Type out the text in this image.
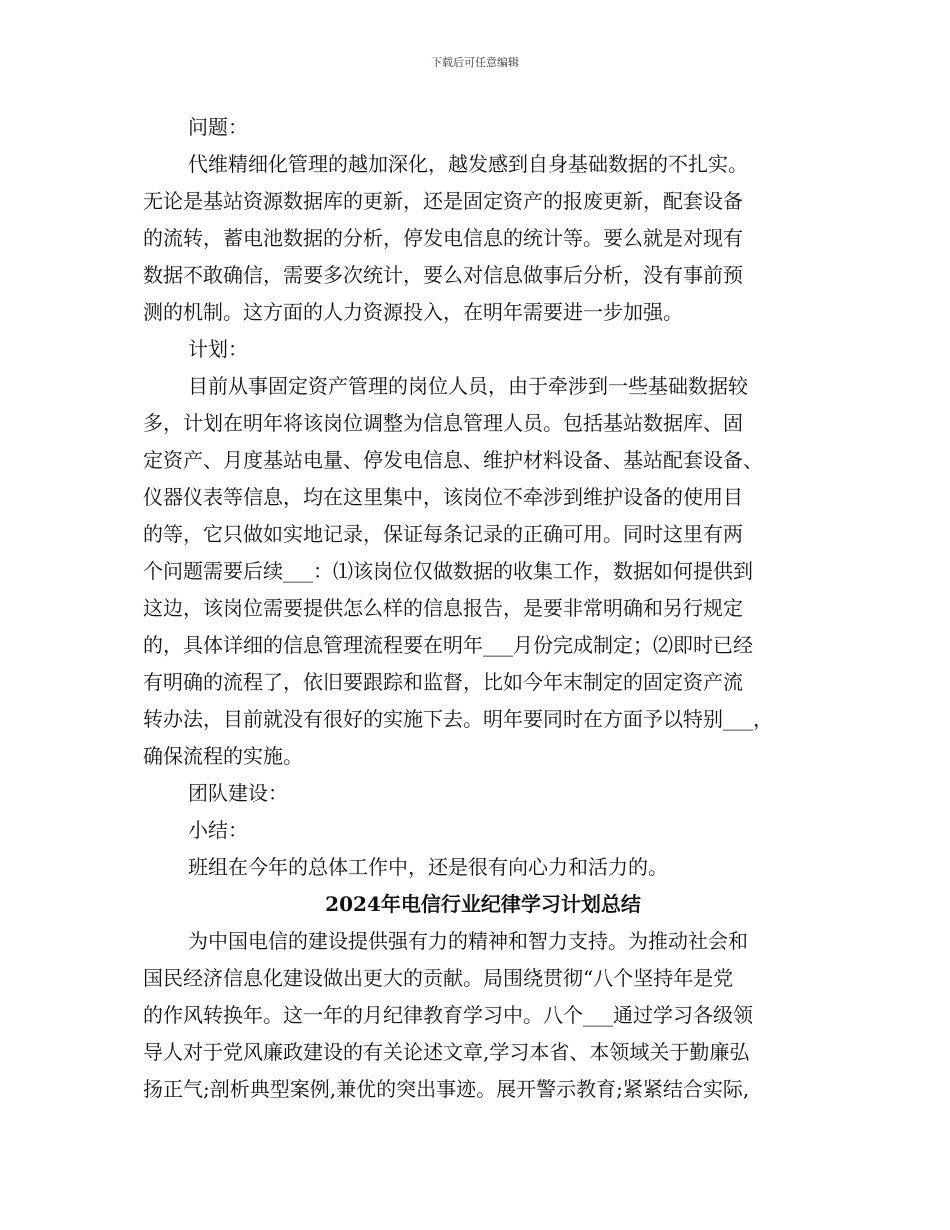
下载后可任意编辑
问题：
代维精细化管理的越加深化，越发感到自身基础数据的不扎实。
无论是基站资源数据库的更新，还是固定资产的报废更新，配套设备
的流转，蓄电池数据的分析，停发电信息的统计等。要么就是对现有
数据不敢确信，需要多次统计，要么对信息做事后分析，没有事前预
测的机制。这方面的人力资源投入，在明年需要进一步加强。
计划：
目前从事固定资产管理的岗位人员，由于牵涉到一些基础数据较
多，计划在明年将该岗位调整为信息管理人员。包括基站数据库、固
定资产、月度基站电量、停发电信息、维护材料设备、基站配套设备、
仪器仪表等信息，均在这里集中，该岗位不牵涉到维护设备的使用目
的等，它只做如实地记录，保证每条记录的正确可用。同时这里有两
个问题需要后续___：⑴该岗位仅做数据的收集工作，数据如何提供到
这边，该岗位需要提供怎么样的信息报告，是要非常明确和另行规定
的，具体详细的信息管理流程要在明年___月份完成制定；⑵即时已经
有明确的流程了，依旧要跟踪和监督，比如今年末制定的固定资产流
转办法，目前就没有很好的实施下去。明年要同时在方面予以特别___，
确保流程的实施。
团队建设：
小结：
班组在今年的总体工作中，还是很有向心力和活力的。
2024年电信行业纪律学习计划总结
为中国电信的建设提供强有力的精神和智力支持。为推动社会和
国民经济信息化建设做出更大的贡献。局围绕贯彻“八个坚持年是党
的作风转换年。这一年的月纪律教育学习中。八个___通过学习各级领
导人对于党风廉政建设的有关论述文章,学习本省、本领域关于勤廉弘
扬正气;剖析典型案例,兼优的突出事迹。展开警示教育;紧紧结合实际,
